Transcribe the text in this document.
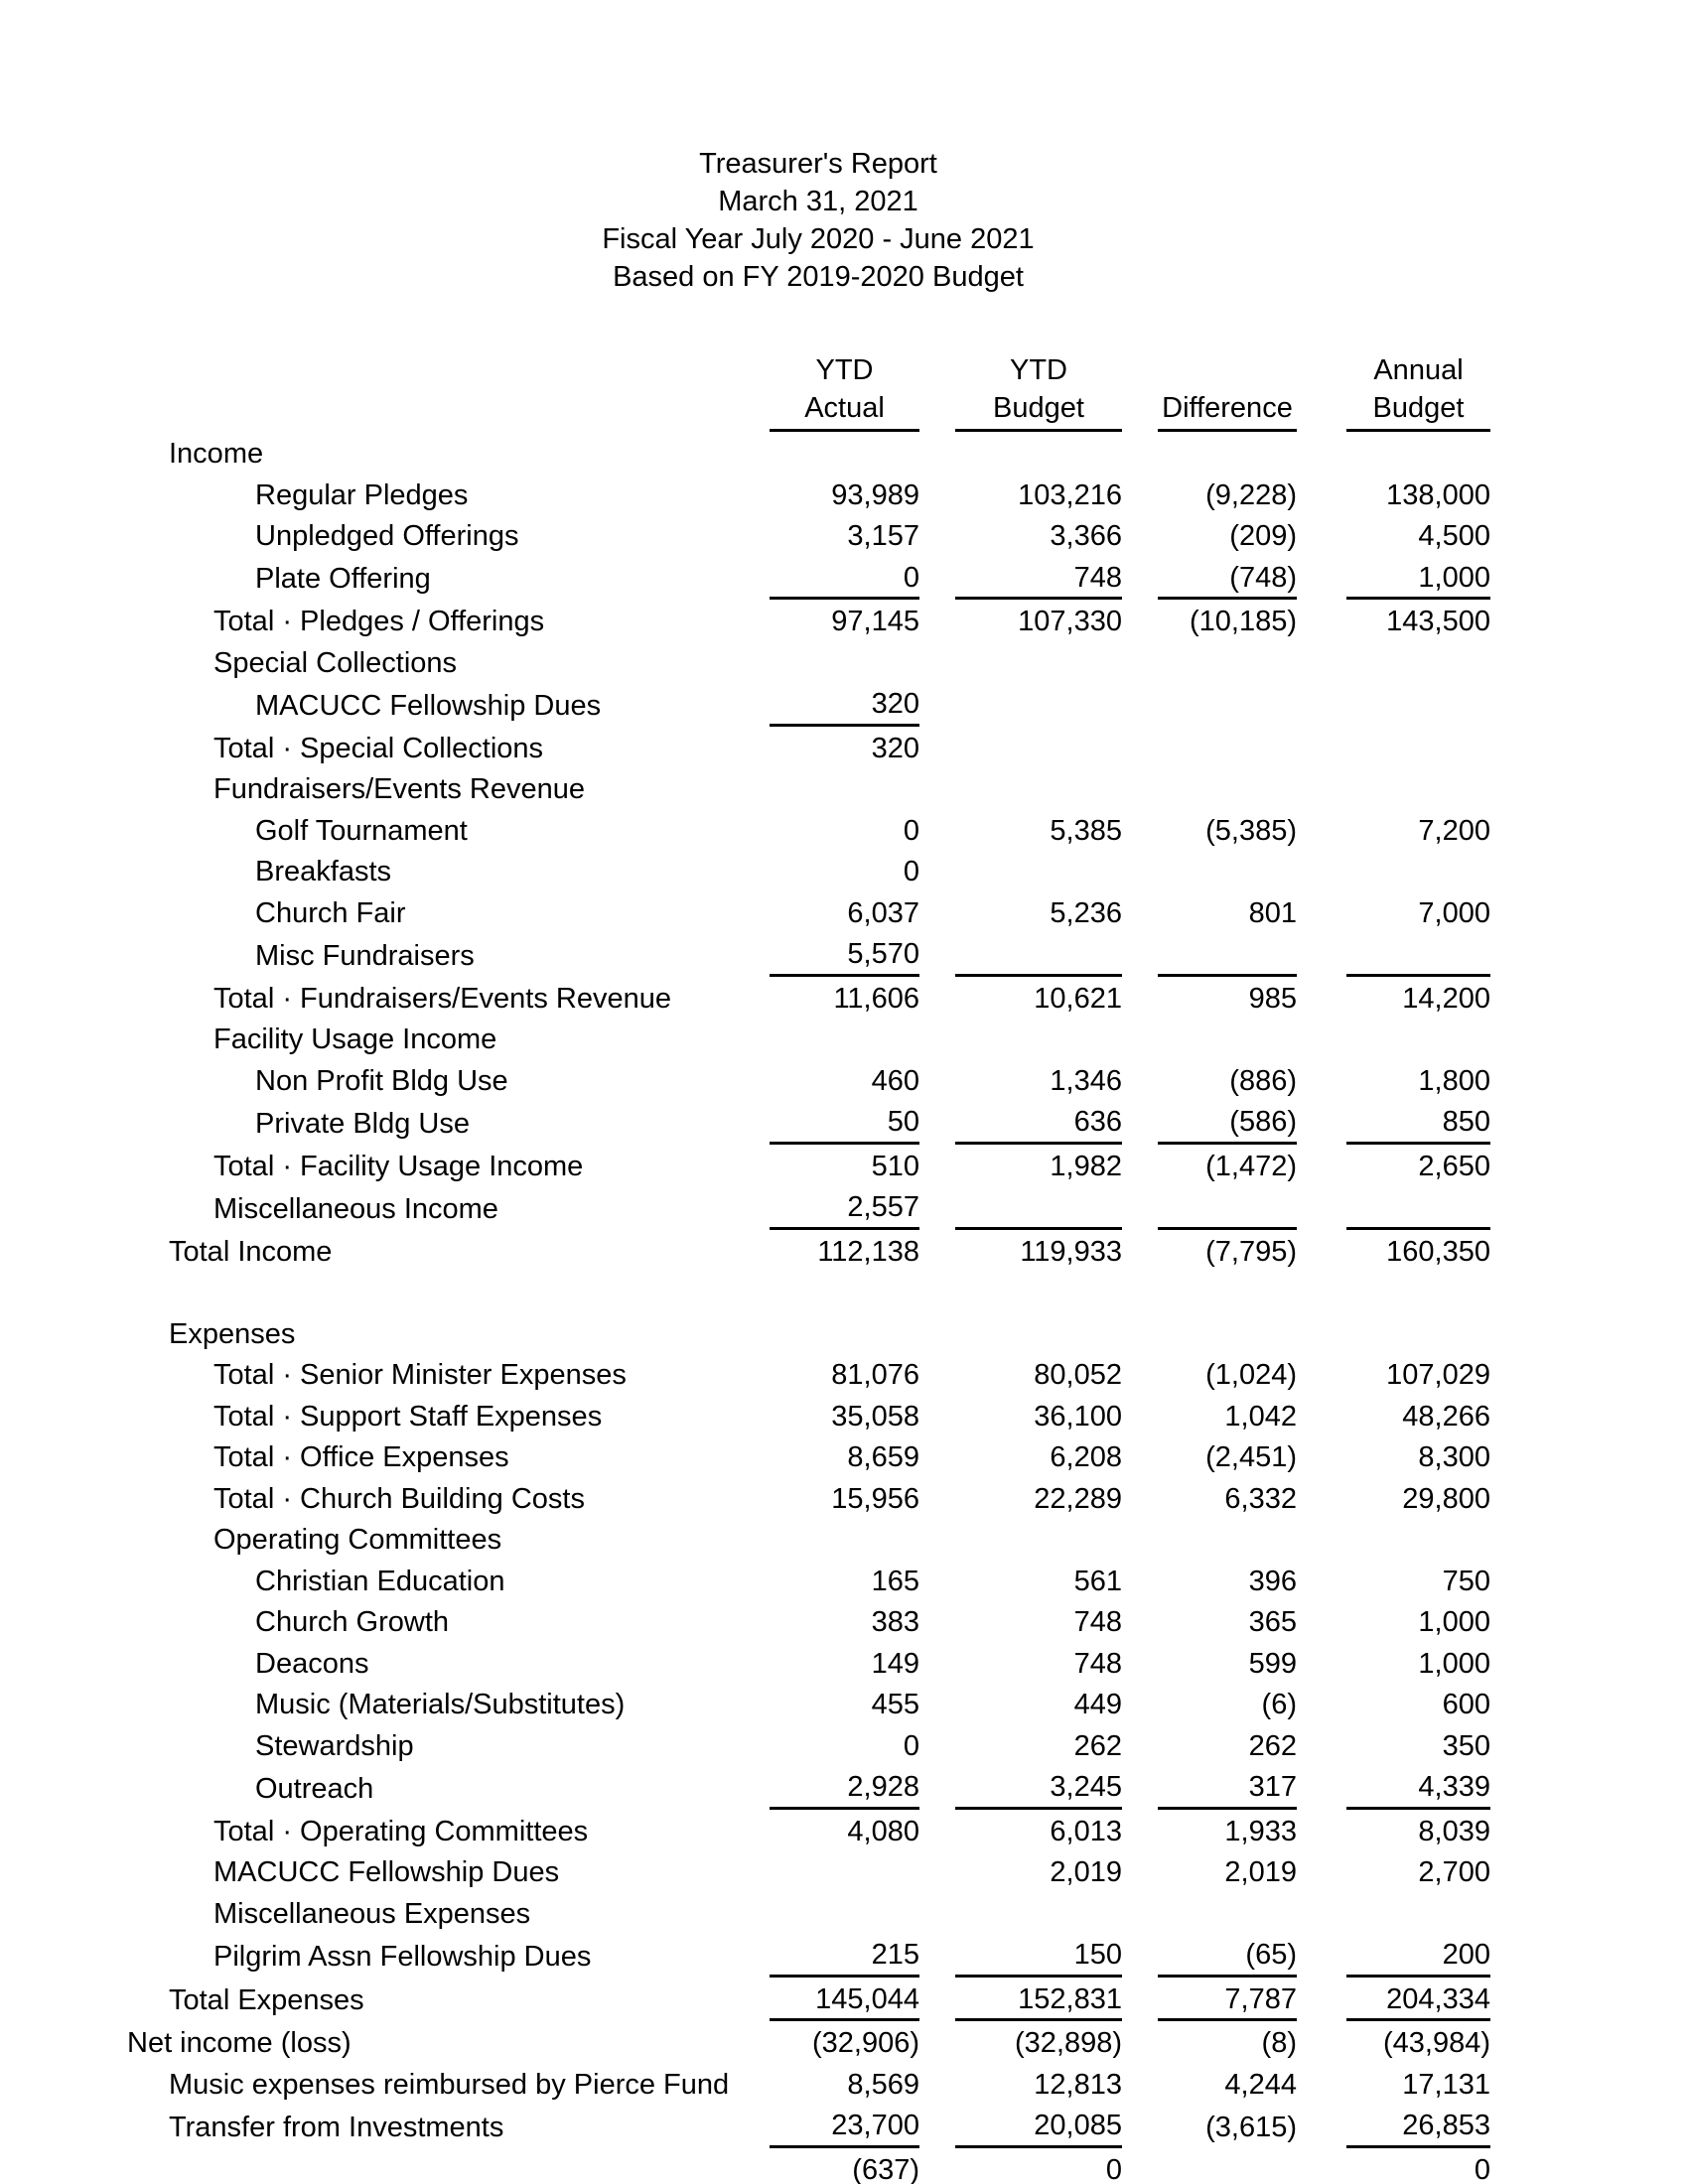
Treasurer's Report
March 31, 2021
Fiscal Year July 2020 - June 2021
Based on FY 2019-2020 Budget
	YTD		YTD				Annual
	Actual		Budget		Difference		Budget
Income							
Regular Pledges	93,989		103,216		(9,228)		138,000
Unpledged Offerings	3,157		3,366		(209)		4,500
Plate Offering	0		748		(748)		1,000
Total · Pledges / Offerings	97,145		107,330		(10,185)		143,500
Special Collections							
MACUCC Fellowship Dues	320						
Total · Special Collections	320						
Fundraisers/Events Revenue							
Golf Tournament	0		5,385		(5,385)		7,200
Breakfasts	0						
Church Fair	6,037		5,236		801		7,000
Misc Fundraisers	5,570						
Total · Fundraisers/Events Revenue	11,606		10,621		985		14,200
Facility Usage Income							
Non Profit Bldg Use	460		1,346		(886)		1,800
Private Bldg Use	50		636		(586)		850
Total · Facility Usage Income	510		1,982		(1,472)		2,650
Miscellaneous Income	2,557						
Total Income	112,138		119,933		(7,795)		160,350

Expenses							
Total · Senior Minister Expenses	81,076		80,052		(1,024)		107,029
Total · Support Staff Expenses	35,058		36,100		1,042		48,266
Total · Office Expenses	8,659		6,208		(2,451)		8,300
Total · Church Building Costs	15,956		22,289		6,332		29,800
Operating Committees							
Christian Education	165		561		396		750
Church Growth	383		748		365		1,000
Deacons	149		748		599		1,000
Music (Materials/Substitutes)	455		449		(6)		600
Stewardship	0		262		262		350
Outreach	2,928		3,245		317		4,339
Total · Operating Committees	4,080		6,013		1,933		8,039
MACUCC Fellowship Dues			2,019		2,019		2,700
Miscellaneous Expenses							
Pilgrim Assn Fellowship Dues	215		150		(65)		200
Total Expenses	145,044		152,831		7,787		204,334
Net income (loss)	(32,906)		(32,898)		(8)		(43,984)
Music expenses reimbursed by Pierce Fund	8,569		12,813		4,244		17,131
Transfer from Investments	23,700		20,085		(3,615)		26,853
	(637)		0				0
